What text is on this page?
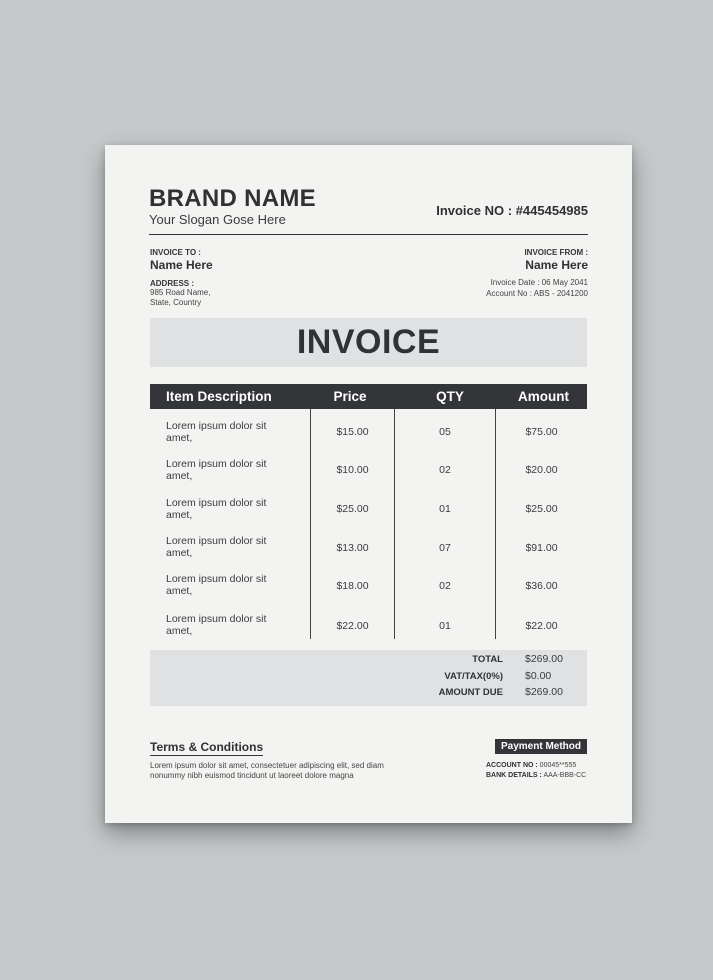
BRAND NAME
Your Slogan Gose Here
Invoice NO : #445454985
INVOICE TO :
Name Here
ADDRESS :
985 Road Name,
State, Country
INVOICE FROM :
Name Here
Invoice Date : 06 May 2041
Account No : ABS - 2041200
INVOICE
Item Description	Price	QTY	Amount
Lorem ipsum dolor sit amet,	$15.00	05	$75.00
Lorem ipsum dolor sit amet,	$10.00	02	$20.00
Lorem ipsum dolor sit amet,	$25.00	01	$25.00
Lorem ipsum dolor sit amet,	$13.00	07	$91.00
Lorem ipsum dolor sit amet,	$18.00	02	$36.00
Lorem ipsum dolor sit amet,	$22.00	01	$22.00
TOTAL $269.00
VAT/TAX(0%) $0.00
AMOUNT DUE $269.00
Terms & Conditions
Lorem ipsum dolor sit amet, consectetuer adipiscing elit, sed diam nonummy nibh euismod tincidunt ut laoreet dolore magna
Payment Method
ACCOUNT NO : 00045**555
BANK DETAILS : AAA-BBB-CC
